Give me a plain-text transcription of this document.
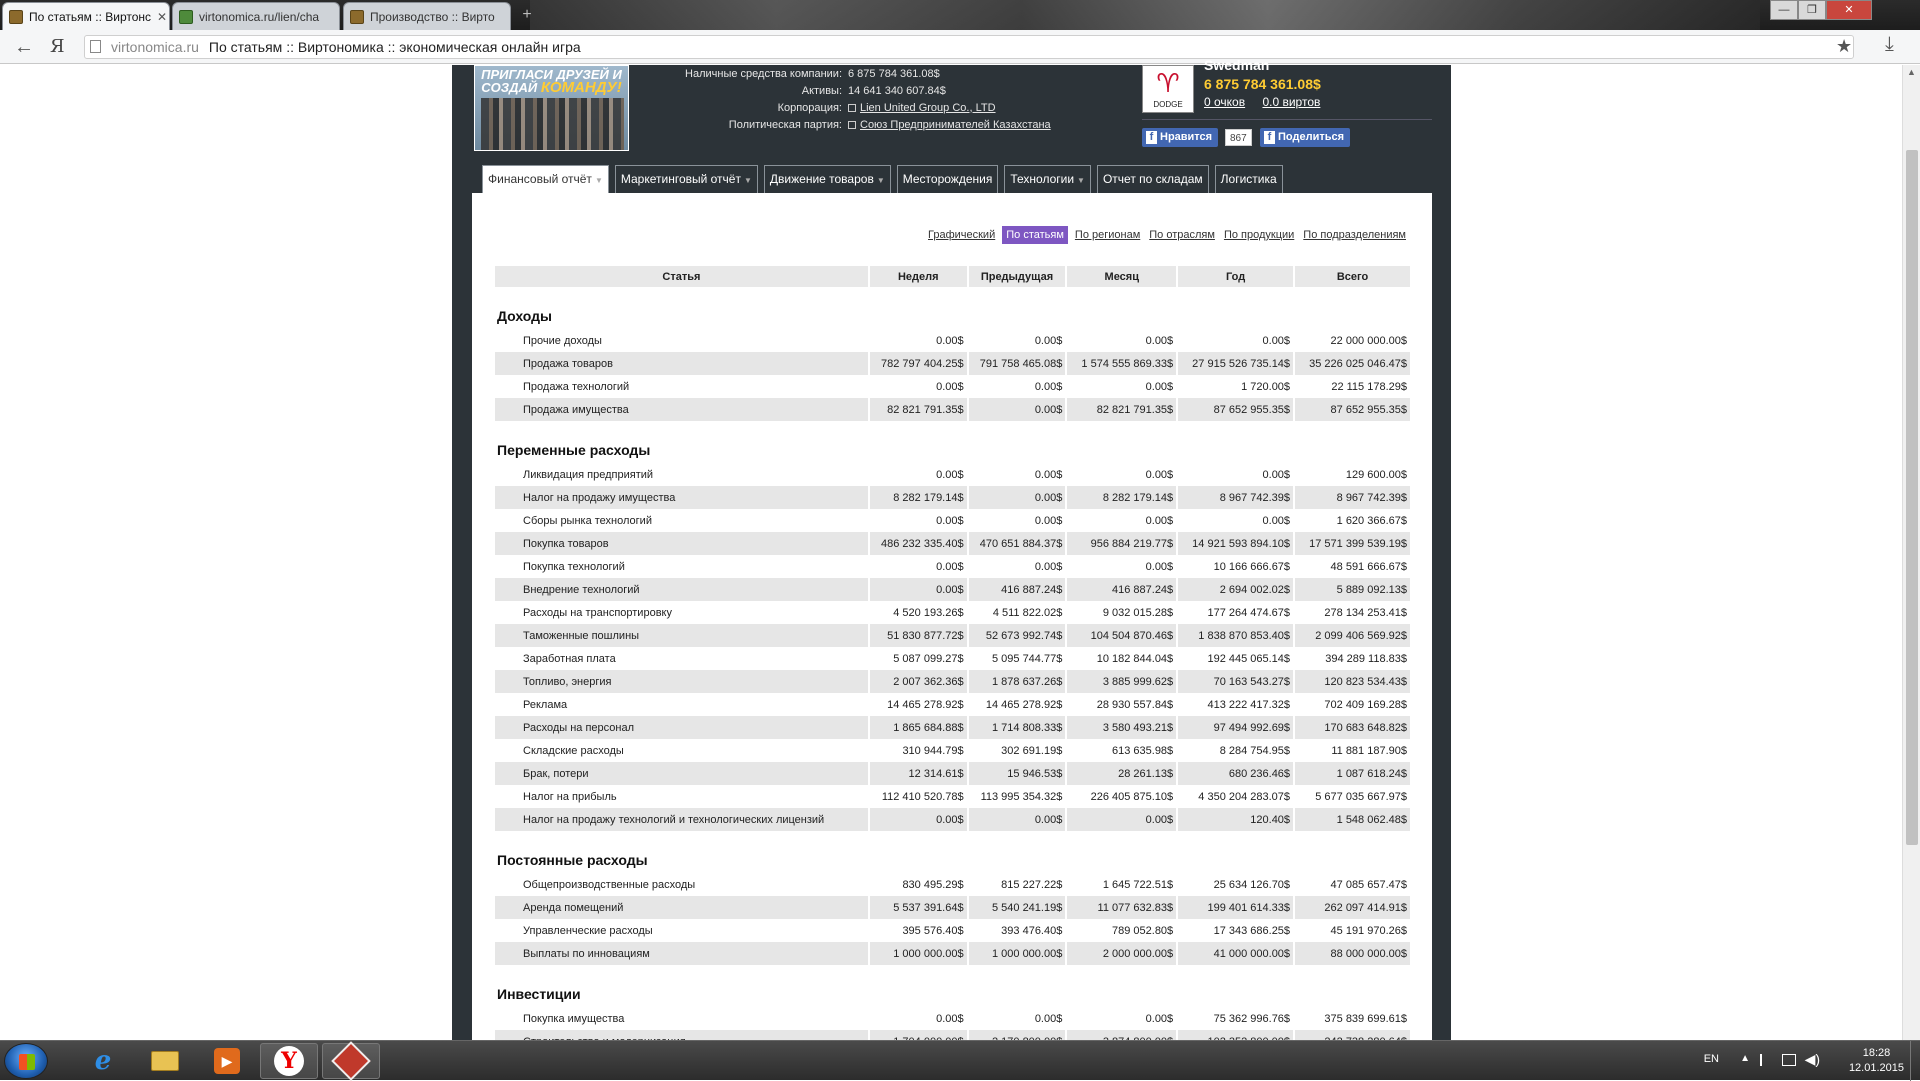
По статьям :: Виртонс ✕	virtonomica.ru/lien/cha	Производство :: Вирто	+	—	❐	✕
← Я	virtonomica.ru По статьям :: Виртономика :: экономическая онлайн игра	★ ⤓
ПРИГЛАСИ ДРУЗЕЙ И
СОЗДАЙ КОМАНДУ!
Наличные средства компании: 6 875 784 361.08$
Активы: 14 641 340 607.84$
Корпорация:	Lien United Group Co., LTD
Политическая партия:	Союз Предпринимателей Казахстана
♈
DODGE
Swedman
6 875 784 361.08$
0 очков 0.0 виртов
f Нравится	867	f Поделиться
Финансовый отчёт ▼	Маркетинговый отчёт ▼	Движение товаров ▼	Месторождения	Технологии ▼	Отчет по складам	Логистика
Графический	По статьям	По регионам По отраслям По продукции По подразделениям
Статья	Неделя	Предыдущая	Месяц	Год	Всего
Доходы					
Прочие доходы	0.00$	0.00$	0.00$	0.00$	22 000 000.00$
Продажа товаров	782 797 404.25$	791 758 465.08$	1 574 555 869.33$	27 915 526 735.14$	35 226 025 046.47$
Продажа технологий	0.00$	0.00$	0.00$	1 720.00$	22 115 178.29$
Продажа имущества	82 821 791.35$	0.00$	82 821 791.35$	87 652 955.35$	87 652 955.35$
Переменные расходы					
Ликвидация предприятий	0.00$	0.00$	0.00$	0.00$	129 600.00$
Налог на продажу имущества	8 282 179.14$	0.00$	8 282 179.14$	8 967 742.39$	8 967 742.39$
Сборы рынка технологий	0.00$	0.00$	0.00$	0.00$	1 620 366.67$
Покупка товаров	486 232 335.40$	470 651 884.37$	956 884 219.77$	14 921 593 894.10$	17 571 399 539.19$
Покупка технологий	0.00$	0.00$	0.00$	10 166 666.67$	48 591 666.67$
Внедрение технологий	0.00$	416 887.24$	416 887.24$	2 694 002.02$	5 889 092.13$
Расходы на транспортировку	4 520 193.26$	4 511 822.02$	9 032 015.28$	177 264 474.67$	278 134 253.41$
Таможенные пошлины	51 830 877.72$	52 673 992.74$	104 504 870.46$	1 838 870 853.40$	2 099 406 569.92$
Заработная плата	5 087 099.27$	5 095 744.77$	10 182 844.04$	192 445 065.14$	394 289 118.83$
Топливо, энергия	2 007 362.36$	1 878 637.26$	3 885 999.62$	70 163 543.27$	120 823 534.43$
Реклама	14 465 278.92$	14 465 278.92$	28 930 557.84$	413 222 417.32$	702 409 169.28$
Расходы на персонал	1 865 684.88$	1 714 808.33$	3 580 493.21$	97 494 992.69$	170 683 648.82$
Складские расходы	310 944.79$	302 691.19$	613 635.98$	8 284 754.95$	11 881 187.90$
Брак, потери	12 314.61$	15 946.53$	28 261.13$	680 236.46$	1 087 618.24$
Налог на прибыль	112 410 520.78$	113 995 354.32$	226 405 875.10$	4 350 204 283.07$	5 677 035 667.97$
Налог на продажу технологий и технологических лицензий	0.00$	0.00$	0.00$	120.40$	1 548 062.48$
Постоянные расходы					
Общепроизводственные расходы	830 495.29$	815 227.22$	1 645 722.51$	25 634 126.70$	47 085 657.47$
Аренда помещений	5 537 391.64$	5 540 241.19$	11 077 632.83$	199 401 614.33$	262 097 414.91$
Управленческие расходы	395 576.40$	393 476.40$	789 052.80$	17 343 686.25$	45 191 970.26$
Выплаты по инновациям	1 000 000.00$	1 000 000.00$	2 000 000.00$	41 000 000.00$	88 000 000.00$
Инвестиции					
Покупка имущества	0.00$	0.00$	0.00$	75 362 996.76$	375 839 699.61$

▲
e	▶	Y	EN ▲	◀)	18:28
12.01.2015
